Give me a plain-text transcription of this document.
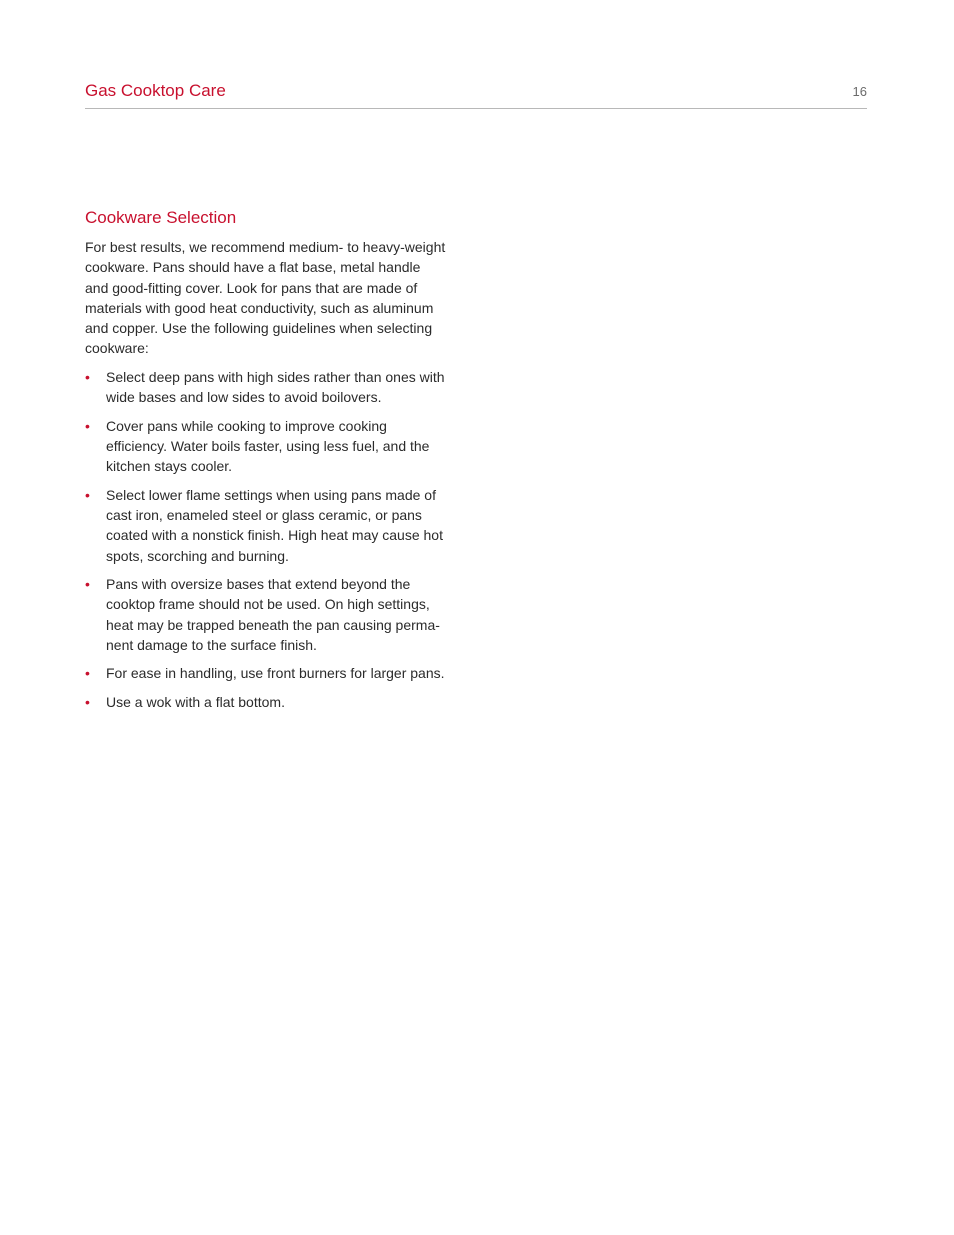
Gas Cooktop Care	16
Cookware Selection

For best results, we recommend medium- to heavy-weight
cookware. Pans should have a flat base, metal handle
and good-fitting cover. Look for pans that are made of
materials with good heat conductivity, such as aluminum
and copper. Use the following guidelines when selecting
cookware:

• Select deep pans with high sides rather than ones with
wide bases and low sides to avoid boilovers.
• Cover pans while cooking to improve cooking
efficiency. Water boils faster, using less fuel, and the
kitchen stays cooler.
• Select lower flame settings when using pans made of
cast iron, enameled steel or glass ceramic, or pans
coated with a nonstick finish. High heat may cause hot
spots, scorching and burning.
• Pans with oversize bases that extend beyond the
cooktop frame should not be used. On high settings,
heat may be trapped beneath the pan causing perma-
nent damage to the surface finish.
• For ease in handling, use front burners for larger pans.
• Use a wok with a flat bottom.
